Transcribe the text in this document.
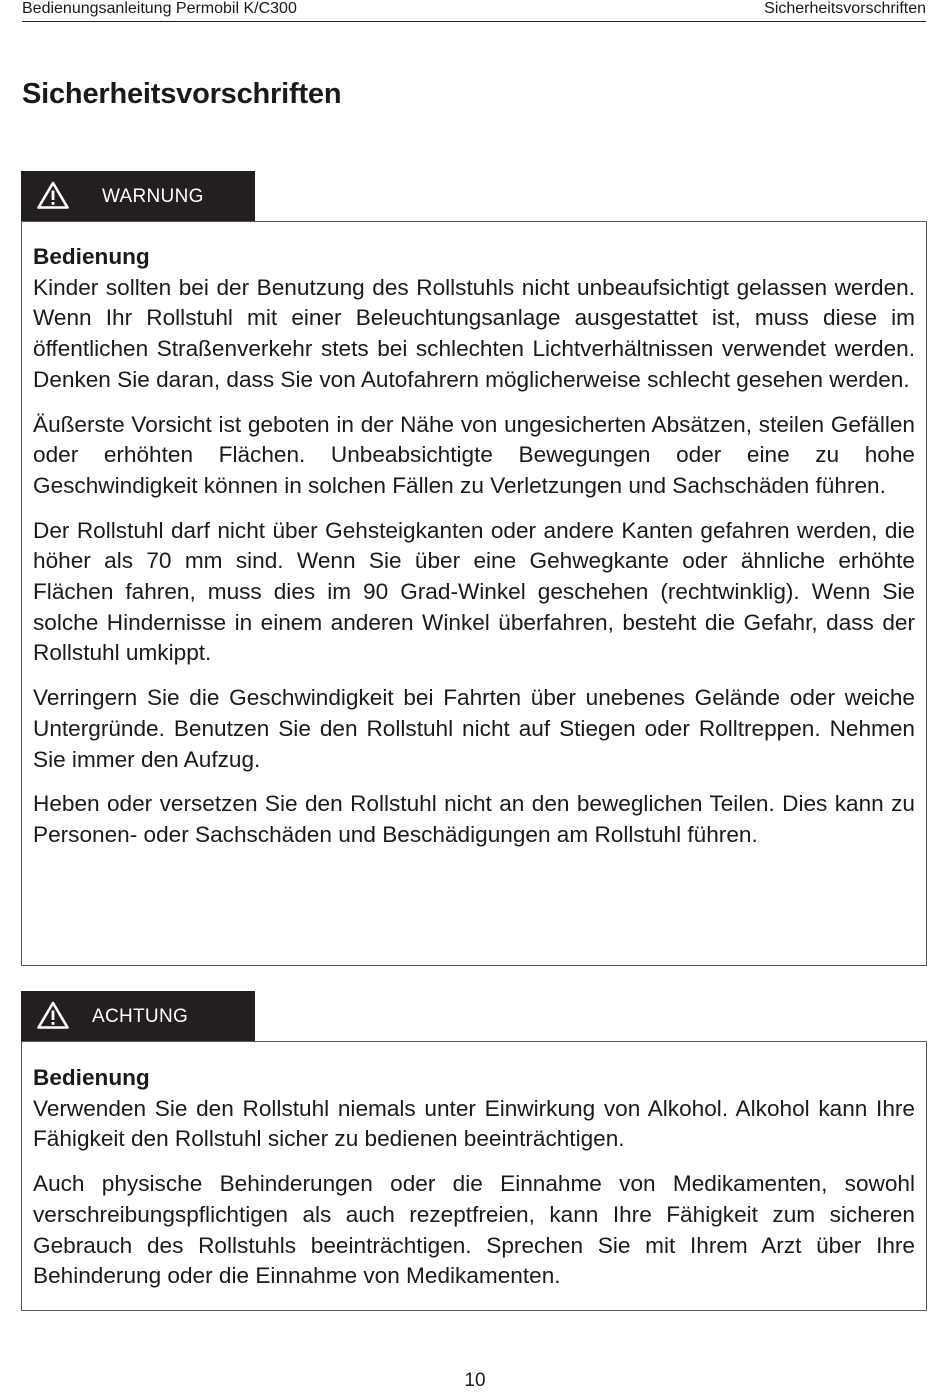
Bedienungsanleitung Permobil K/C300	Sicherheitsvorschriften
Sicherheitsvorschriften
WARNUNG
Bedienung

Kinder sollten bei der Benutzung des Rollstuhls nicht unbeaufsichtigt gelassen werden. Wenn Ihr Rollstuhl mit einer Beleuchtungsanlage ausgestattet ist, muss diese im öffentlichen Straßenverkehr stets bei schlechten Lichtverhältnissen verwendet werden. Denken Sie daran, dass Sie von Autofahrern möglicherweise schlecht gesehen werden.

Äußerste Vorsicht ist geboten in der Nähe von ungesicherten Absätzen, steilen Gefällen oder erhöhten Flächen. Unbeabsichtigte Bewegungen oder eine zu hohe Geschwindigkeit können in solchen Fällen zu Verletzungen und Sachschäden führen.

Der Rollstuhl darf nicht über Gehsteigkanten oder andere Kanten gefahren werden, die höher als 70 mm sind. Wenn Sie über eine Gehwegkante oder ähnliche erhöhte Flächen fahren, muss dies im 90 Grad-Winkel geschehen (rechtwinklig). Wenn Sie solche Hindernisse in einem anderen Winkel überfahren, besteht die Gefahr, dass der Rollstuhl umkippt.

Verringern Sie die Geschwindigkeit bei Fahrten über unebenes Gelände oder weiche Untergründe. Benutzen Sie den Rollstuhl nicht auf Stiegen oder Rolltreppen. Nehmen Sie immer den Aufzug.

Heben oder versetzen Sie den Rollstuhl nicht an den beweglichen Teilen. Dies kann zu Personen- oder Sachschäden und Beschädigungen am Rollstuhl führen.

ACHTUNG
Bedienung

Verwenden Sie den Rollstuhl niemals unter Einwirkung von Alkohol. Alkohol kann Ihre Fähigkeit den Rollstuhl sicher zu bedienen beeinträchtigen.

Auch physische Behinderungen oder die Einnahme von Medikamenten, sowohl verschreibungspflichtigen als auch rezeptfreien, kann Ihre Fähigkeit zum sicheren Gebrauch des Rollstuhls beeinträchtigen. Sprechen Sie mit Ihrem Arzt über Ihre Behinderung oder die Einnahme von Medikamenten.

10
